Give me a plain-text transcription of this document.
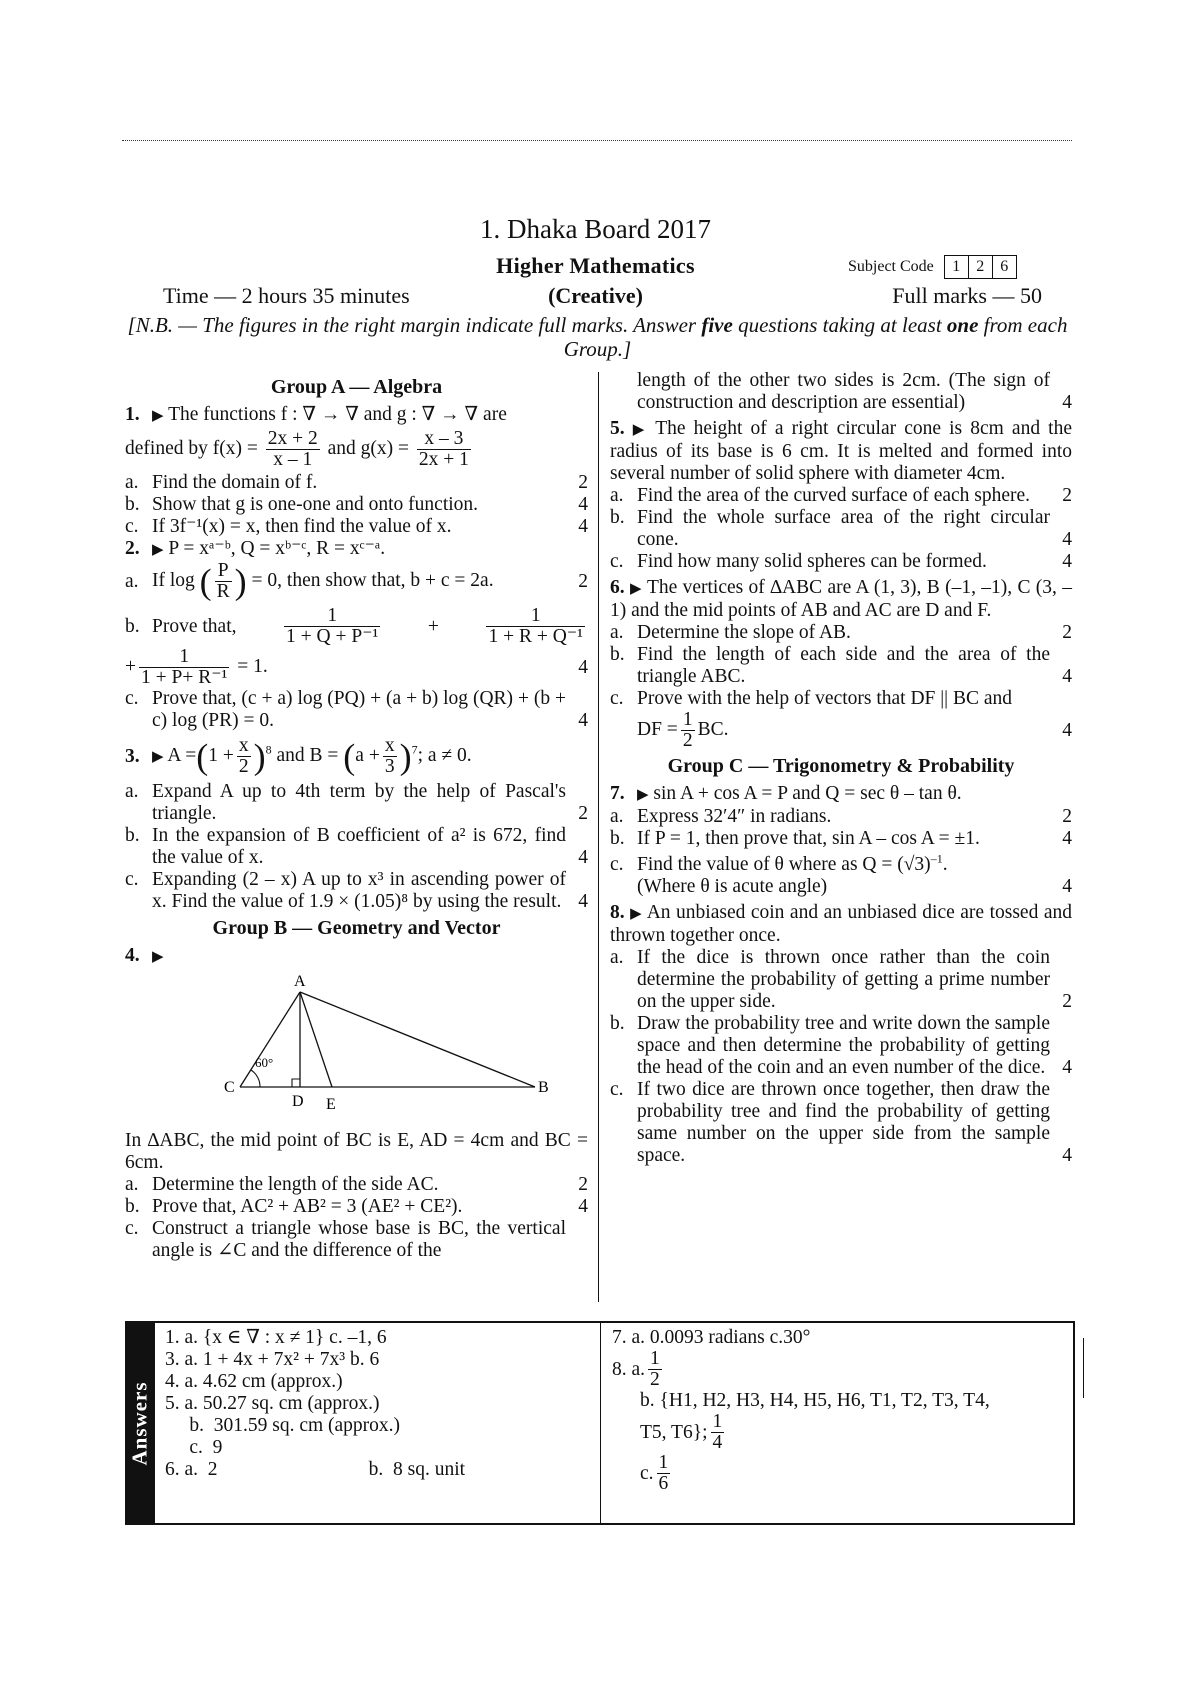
1. Dhaka Board 2017
Higher Mathematics	Subject Code	1	2	6
Time — 2 hours 35 minutes	(Creative)	Full marks — 50
[N.B. — The figures in the right margin indicate full marks. Answer five questions taking at least one from each Group.]
Group A — Algebra
1. ▶ The functions f : ∇ → ∇ and g : ∇ → ∇ are
defined by $f(x) = \frac{2x + 2}{x - 1}$ and $g(x) = \frac{x - 3}{2x + 1}$
a. Find the domain of f.	2
b. Show that g is one-one and onto function.	4
c. If 3f⁻¹(x) = x, then find the value of x.	4
2. ▶ P = xᵃ⁻ᵇ, Q = xᵇ⁻ᶜ, R = xᶜ⁻ᵃ.
a. If log ( $\frac{P}{R}$ ) = 0, then show that, b + c = 2a.	2
b. Prove that, $\frac{1}{\text{1 + Q + P⁻¹}} + \frac{1}{\text{1 + R + Q⁻¹}}$
+ $\frac{1}{\text{1 + P+ R⁻¹}} = 1$.	4
c. Prove that, (c + a) log (PQ) + (a + b) log (QR) + (b + c) log (PR) = 0.	4
3. ▶ $A =(1 + \frac{x}{2} )^8$ and $B = (a + \frac{x}{3} )^7$; a ≠ 0.
a. Expand A up to 4th term by the help of Pascal's triangle.	2
b. In the expansion of B coefficient of a² is 672, find the value of x.	4
c. Expanding (2 – x) A up to x³ in ascending power of x. Find the value of 1.9 × (1.05)⁸ by using the result. 4
Group B — Geometry and Vector
4. ▶
60°
A
B
C
D E
In ∆ABC, the mid point of BC is E, AD = 4cm and BC = 6cm.
a. Determine the length of the side AC.	2
b. Prove that, AC² + AB² = 3 (AE² + CE²).	4
c. Construct a triangle whose base is BC, the vertical angle is ∠C and the difference of the
length of the other two sides is 2cm. (The sign of construction and description are essential)	4
5. ▶ The height of a right circular cone is 8cm and the radius of its base is 6 cm. It is melted and formed into several number of solid sphere with diameter 4cm.
a. Find the area of the curved surface of each sphere.	2
b. Find the whole surface area of the right circular cone.	4
c. Find how many solid spheres can be formed.	4
6. ▶ The vertices of ∆ABC are A (1, 3), B (–1, –1), C (3, –1) and the mid points of AB and AC are D and F.
a. Determine the slope of AB.	2
b. Find the length of each side and the area of the triangle ABC.	4
c. Prove with the help of vectors that DF || BC and
DF = $\frac{1}{2}$ BC.	4
Group C — Trigonometry & Probability
7. ▶ sin A + cos A = P and Q = sec θ – tan θ.
a. Express 32′4″ in radians.	2
b. If P = 1, then prove that, sin A – cos A = ±1.	4
c. Find the value of θ where as $Q = (√3)^{-1}$.
(Where θ is acute angle)	4
8. ▶ An unbiased coin and an unbiased dice are tossed and thrown together once.
a. If the dice is thrown once rather than the coin determine the probability of getting a prime number on the upper side.	2
b. Draw the probability tree and write down the sample space and then determine the probability of getting the head of the coin and an even number of the dice. 4
c. If two dice are thrown once together, then draw the probability tree and find the probability of getting same number on the upper side from the sample space.	4
Answers
1. a. {x ∈ ∇ : x ≠ 1} c. –1, 6
3. a. 1 + 4x + 7x² + 7x³ b. 6
4. a. 4.62 cm (approx.)
5. a. 50.27 sq. cm (approx.)
b.  301.59 sq. cm (approx.)
c.  9
6. a.  2                               b.  8 sq. unit
7. a. 0.0093 radians c.30°
8. a. $\frac{1}{2}$
b. {H1, H2, H3, H4, H5, H6, T1, T2, T3, T4,
T5, T6}; $\frac{1}{4}$
c. $\frac{1}{6}$
